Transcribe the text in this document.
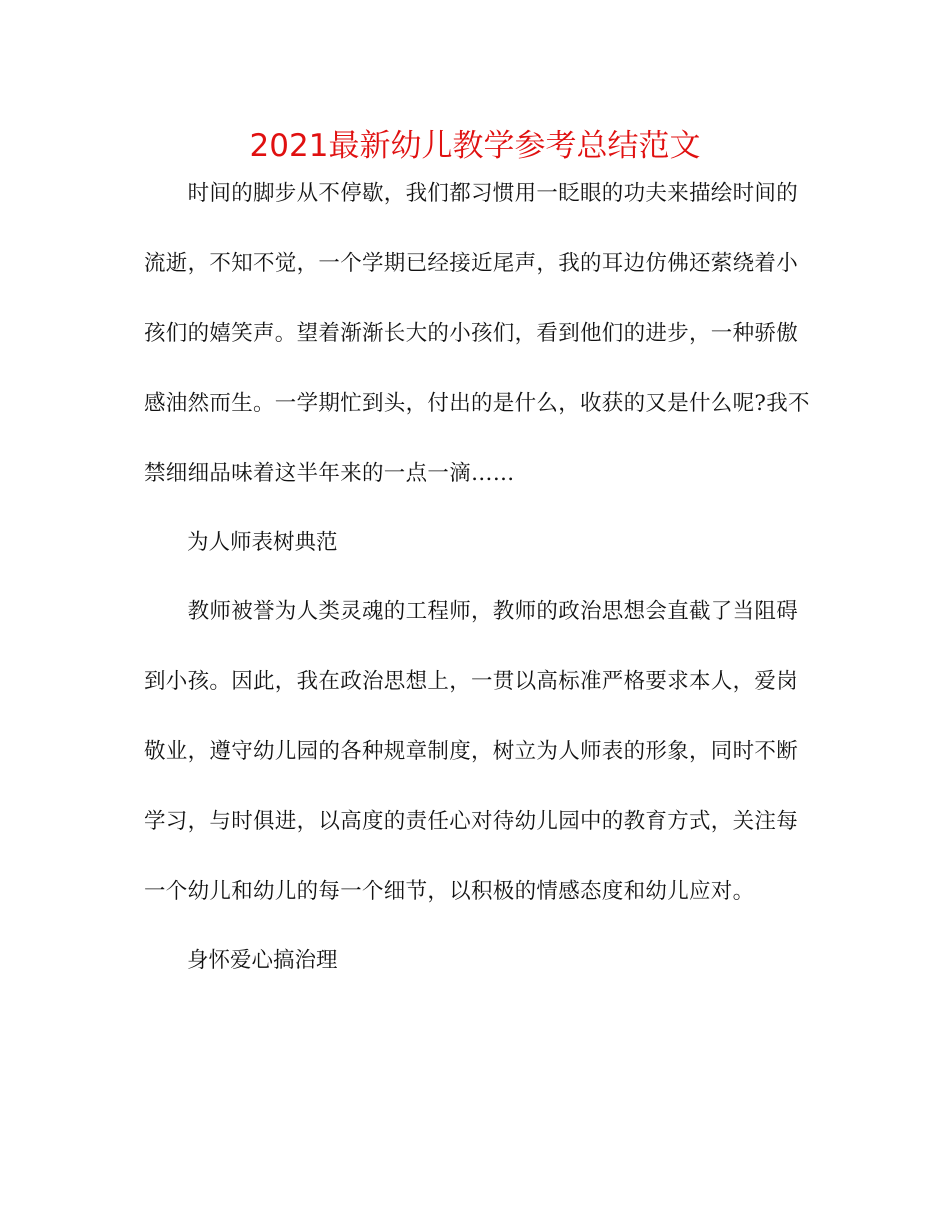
2021最新幼儿教学参考总结范文

　　时间的脚步从不停歇，我们都习惯用一眨眼的功夫来描绘时间的
流逝，不知不觉，一个学期已经接近尾声，我的耳边仿佛还萦绕着小
孩们的嬉笑声。望着渐渐长大的小孩们，看到他们的进步，一种骄傲
感油然而生。一学期忙到头，付出的是什么，收获的又是什么呢?我不
禁细细品味着这半年来的一点一滴……

为人师表树典范

　　教师被誉为人类灵魂的工程师，教师的政治思想会直截了当阻碍
到小孩。因此，我在政治思想上，一贯以高标准严格要求本人，爱岗
敬业，遵守幼儿园的各种规章制度，树立为人师表的形象，同时不断
学习，与时俱进，以高度的责任心对待幼儿园中的教育方式，关注每
一个幼儿和幼儿的每一个细节，以积极的情感态度和幼儿应对。

身怀爱心搞治理
